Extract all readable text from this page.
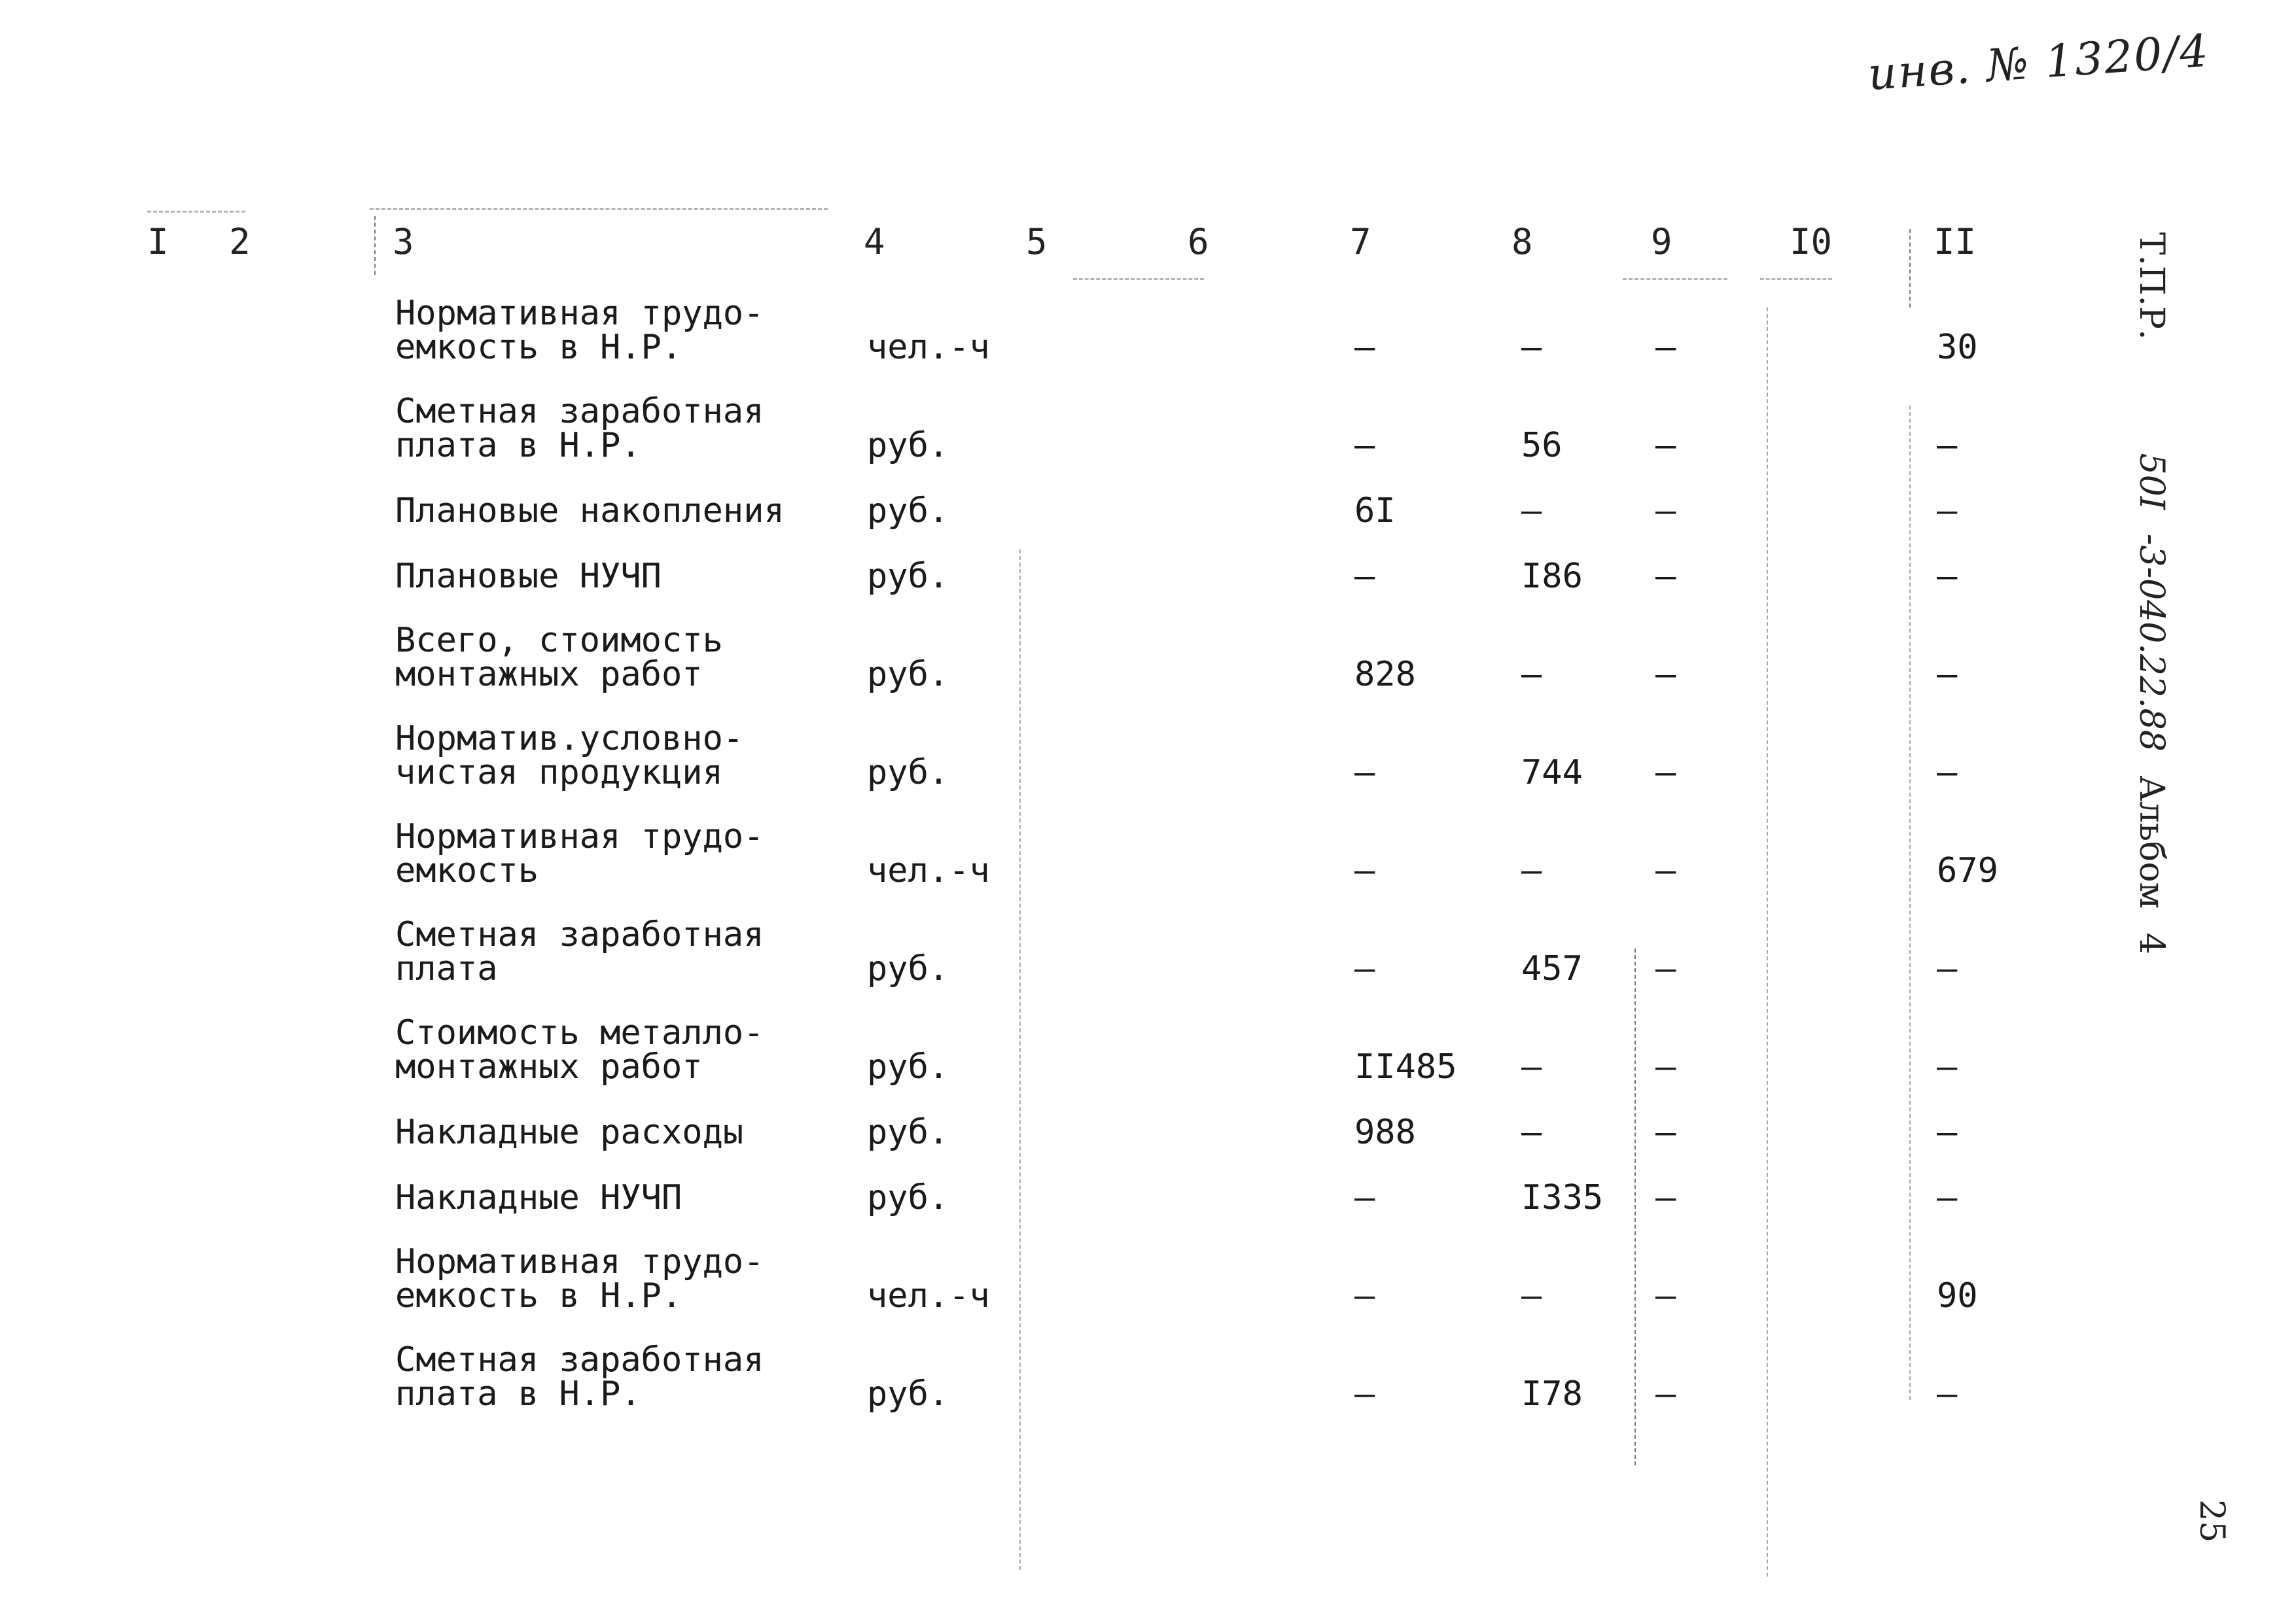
инв. № 1320/4
I 2	3	4	5	6	7	8	9	I0	II
Нормативная трудо-
емкость в Н.Р.	чел.-ч	–	–	–	30
Сметная заработная
плата в Н.Р.	руб.	–	56	–	–
Плановые накопления руб.	6I	–	–	–
Плановые НУЧП	руб.	–	I86 –	–
Всего, стоимость
монтажных работ	руб.	828	–	–	–
Норматив.условно-
чистая продукция	руб.	–	744 –	–
Нормативная трудо-
емкость	чел.-ч	–	–	–	679
Сметная заработная
плата	руб.	–	457 –	–
Стоимость металло-
монтажных работ	руб.	II485 –	–	–
Накладные расходы	руб.	988	–	–	–
Накладные НУЧП	руб.	–	I335 –	–
Нормативная трудо-
емкость в Н.Р.	чел.-ч	–	–	–	90
Сметная заработная
плата в Н.Р.	руб.	–	I78 –	–
Т.П.Р.  50I -3-040.22.88 Альбом 4
25
